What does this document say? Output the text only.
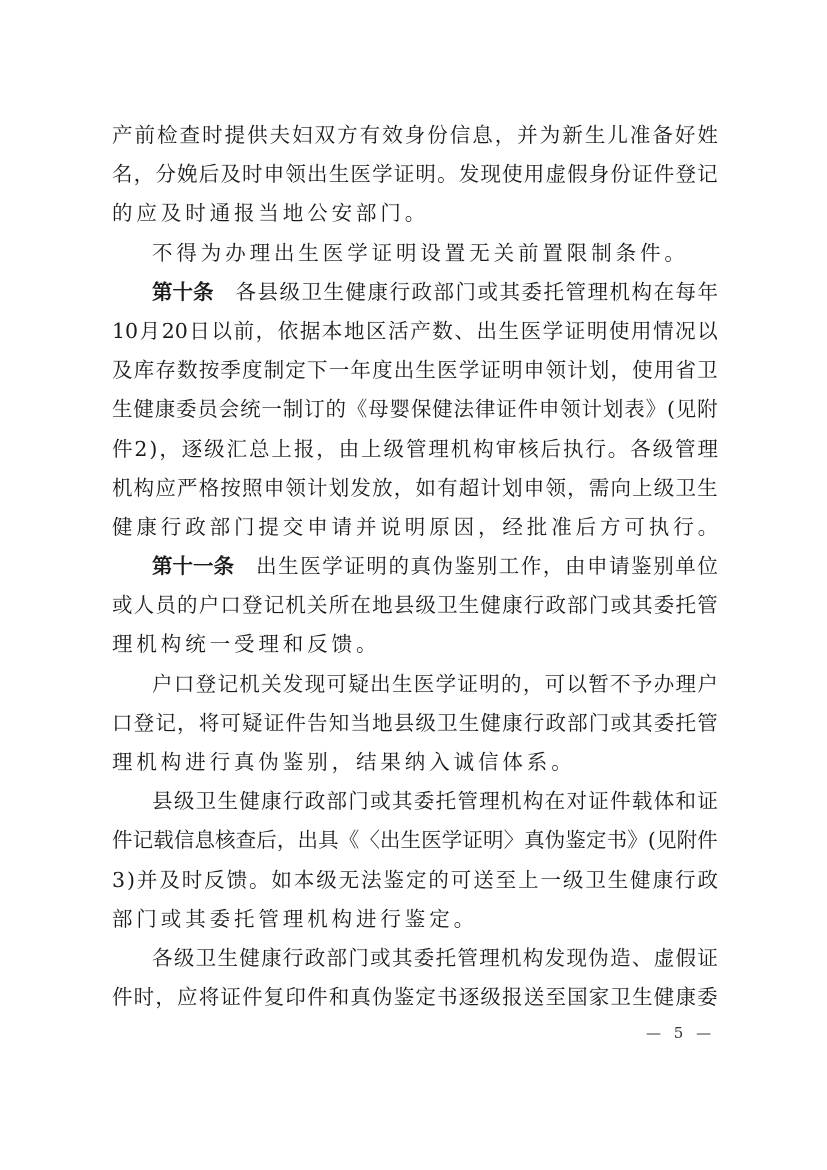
产 前 检 查 时 提 供 夫 妇 双 方 有 效 身 份 信 息 ， 并 为 新 生 儿 准 备 好 姓
名 ， 分 娩 后 及 时 申 领 出 生 医 学 证 明 。 发 现 使 用 虚 假 身 份 证 件 登 记
的应及时通报当地公安部门。
不得为办理出生医学证明设置无关前置限制条件。
第十条
　 各 县 级 卫 生 健 康 行 政 部 门 或 其 委 托 管 理 机 构 在 每 年
10 月 20 日 以 前 ， 依 据 本 地 区 活 产 数 、 出 生 医 学 证 明 使 用 情 况 以
及 库 存 数 按 季 度 制 定 下 一 年 度 出 生 医 学 证 明 申 领 计 划 ， 使 用 省 卫
生 健 康 委 员 会 统 一 制 订 的 《 母 婴 保 健 法 律 证 件 申 领 计 划 表 》 ( 见 附
件 2 ) ， 逐 级 汇 总 上 报 ， 由 上 级 管 理 机 构 审 核 后 执 行 。 各 级 管 理
机 构 应 严 格 按 照 申 领 计 划 发 放 ， 如 有 超 计 划 申 领 ， 需 向 上 级 卫 生
健康行政部门提交申请并说明原因，经批准后方可执行。
第十一条
　 出 生 医 学 证 明 的 真 伪 鉴 别 工 作 ， 由 申 请 鉴 别 单 位
或 人 员 的 户 口 登 记 机 关 所 在 地 县 级 卫 生 健 康 行 政 部 门 或 其 委 托 管
理机构统一受理和反馈。
户 口 登 记 机 关 发 现 可 疑 出 生 医 学 证 明 的 ， 可 以 暂 不 予 办 理 户
口 登 记 ， 将 可 疑 证 件 告 知 当 地 县 级 卫 生 健 康 行 政 部 门 或 其 委 托 管
理机构进行真伪鉴别，结果纳入诚信体系。
县 级 卫 生 健 康 行 政 部 门 或 其 委 托 管 理 机 构 在 对 证 件 载 体 和 证
件 记 载 信 息 核 查 后 ， 出 具 《 〈 出 生 医 学 证 明 〉 真 伪 鉴 定 书 》 ( 见 附 件
3 ) 并 及 时 反 馈 。 如 本 级 无 法 鉴 定 的 可 送 至 上 一 级 卫 生 健 康 行 政
部门或其委托管理机构进行鉴定。
各 级 卫 生 健 康 行 政 部 门 或 其 委 托 管 理 机 构 发 现 伪 造 、 虚 假 证
件 时 ， 应 将 证 件 复 印 件 和 真 伪 鉴 定 书 逐 级 报 送 至 国 家 卫 生 健 康 委
— 5 —
